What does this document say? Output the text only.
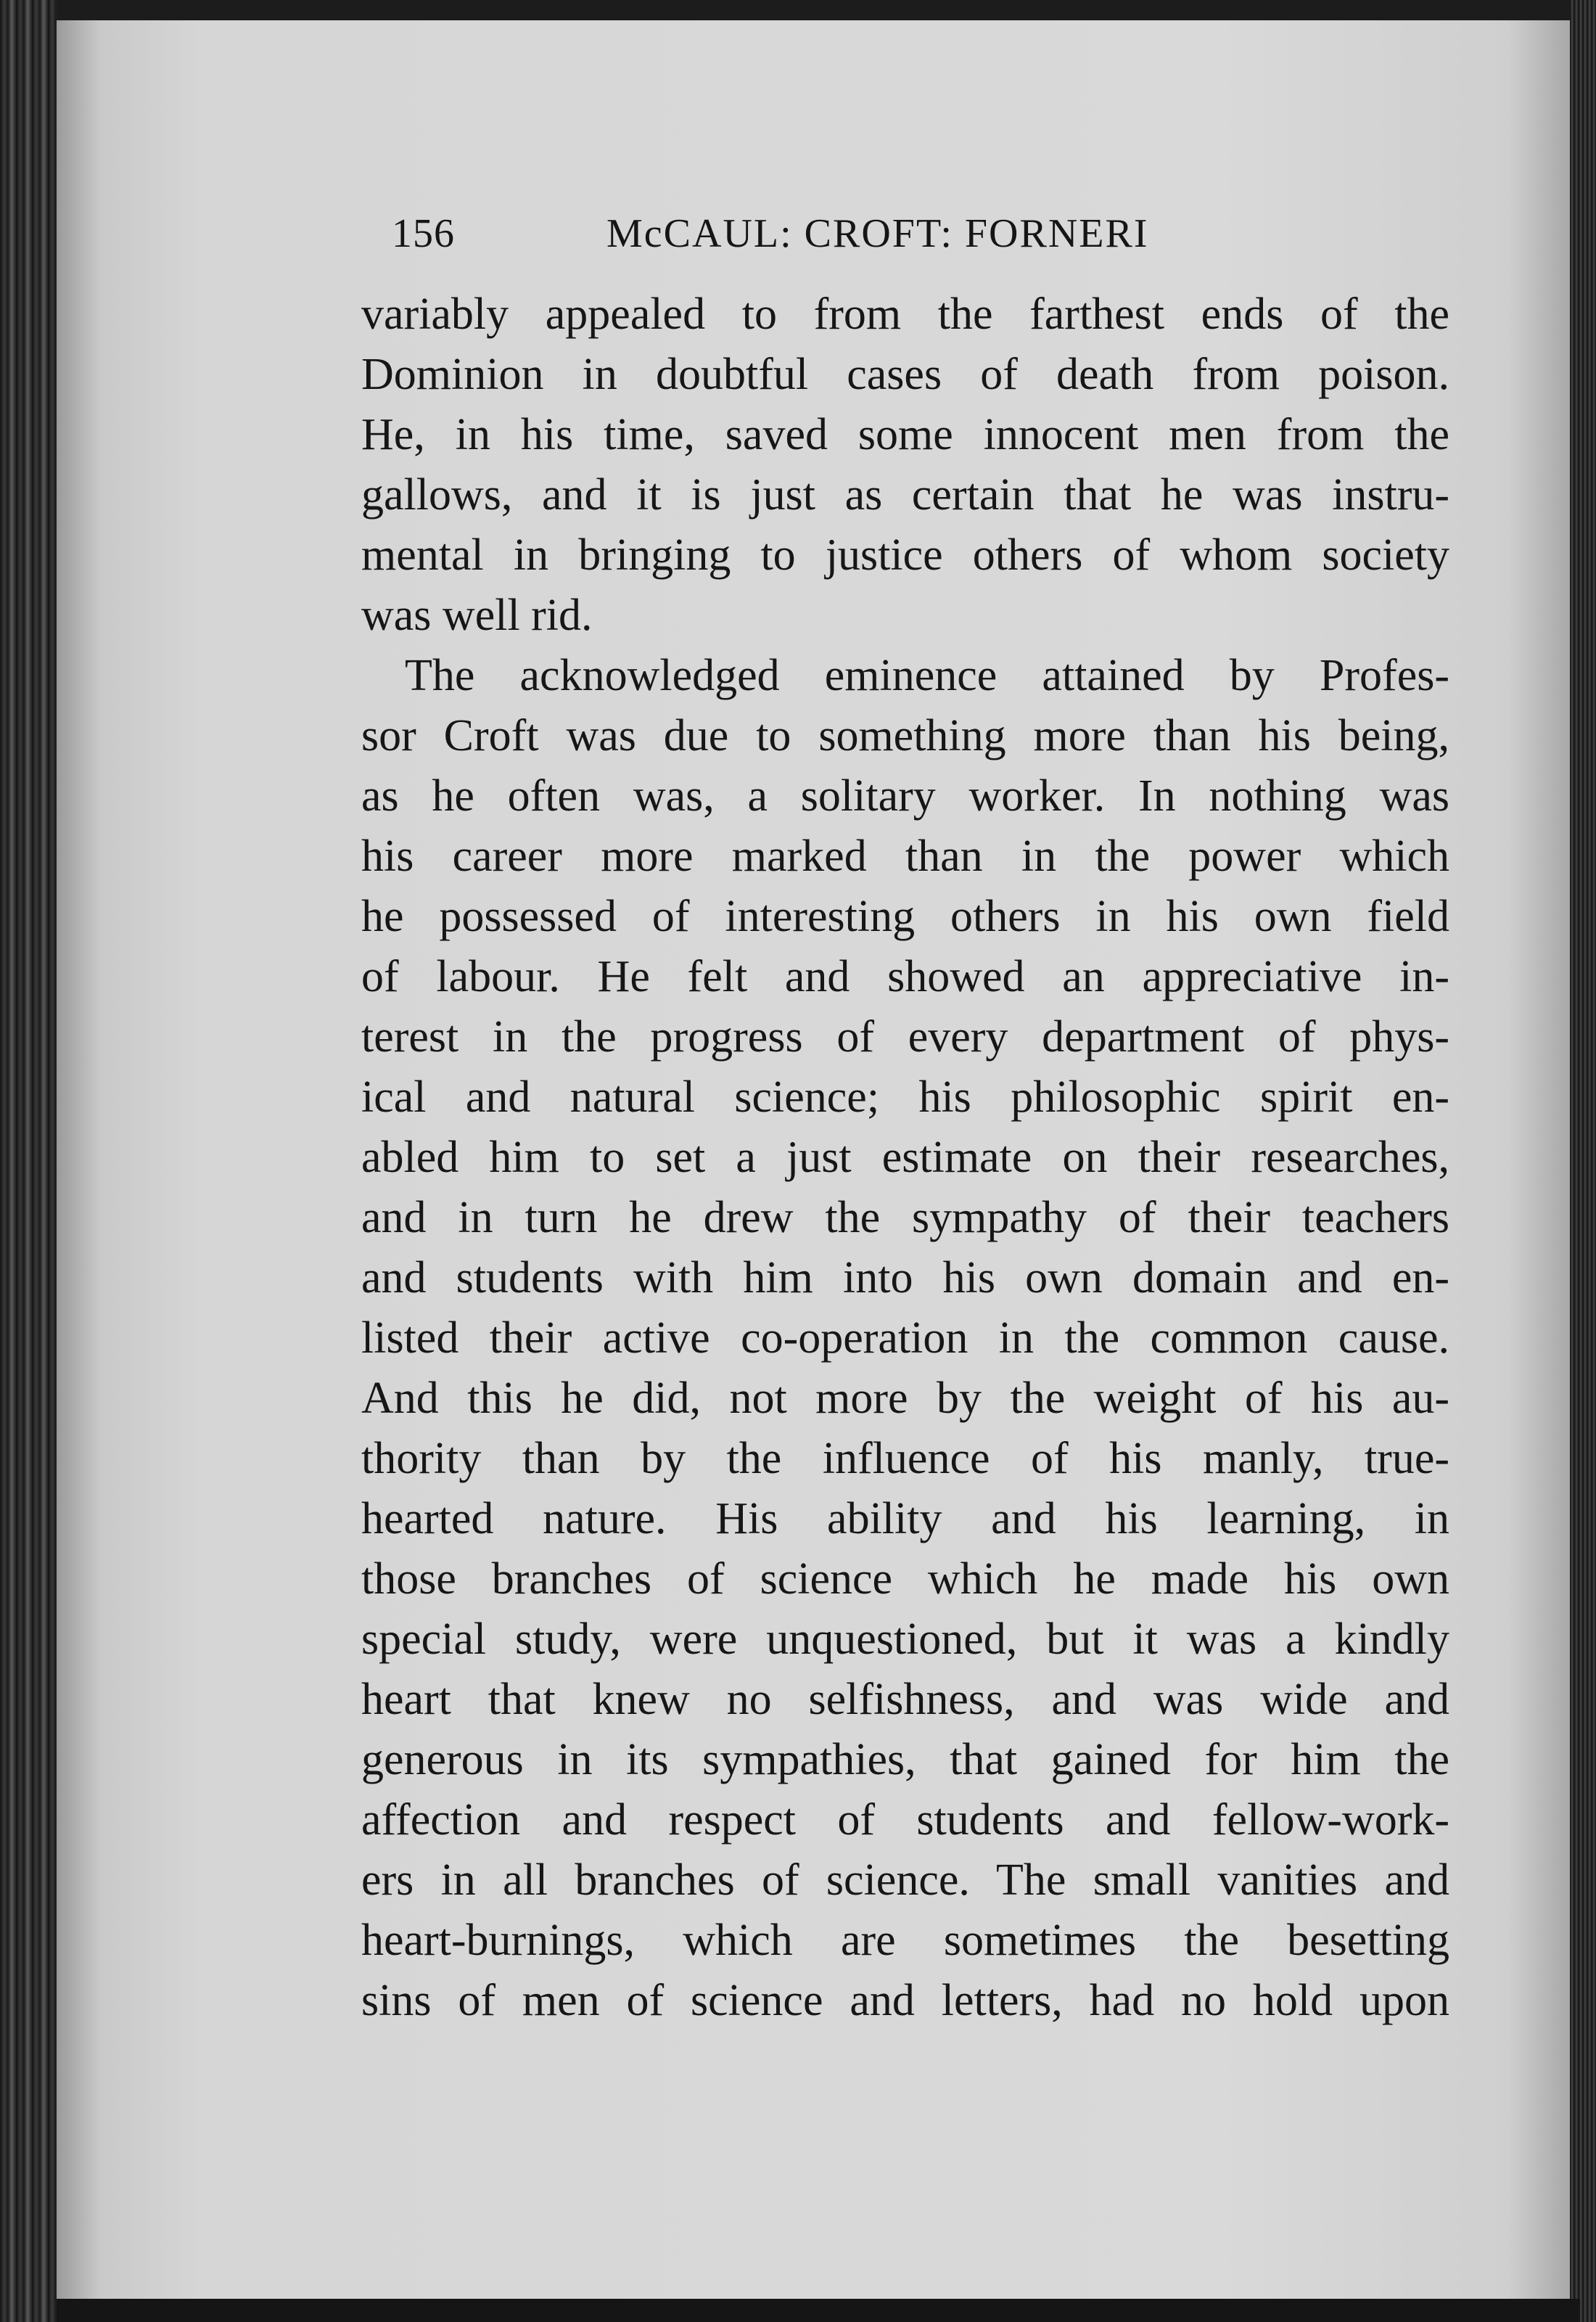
156	McCAUL: CROFT: FORNERI
variably appealed to from the farthest ends of the
Dominion in doubtful cases of death from poison.
He, in his time, saved some innocent men from the
gallows, and it is just as certain that he was instru-
mental in bringing to justice others of whom society
was well rid.
The acknowledged eminence attained by Profes-
sor Croft was due to something more than his being,
as he often was, a solitary worker. In nothing was
his career more marked than in the power which
he possessed of interesting others in his own field
of labour. He felt and showed an appreciative in-
terest in the progress of every department of phys-
ical and natural science; his philosophic spirit en-
abled him to set a just estimate on their researches,
and in turn he drew the sympathy of their teachers
and students with him into his own domain and en-
listed their active co-operation in the common cause.
And this he did, not more by the weight of his au-
thority than by the influence of his manly, true-
hearted nature. His ability and his learning, in
those branches of science which he made his own
special study, were unquestioned, but it was a kindly
heart that knew no selfishness, and was wide and
generous in its sympathies, that gained for him the
affection and respect of students and fellow-work-
ers in all branches of science. The small vanities and
heart-burnings, which are sometimes the besetting
sins of men of science and letters, had no hold upon
